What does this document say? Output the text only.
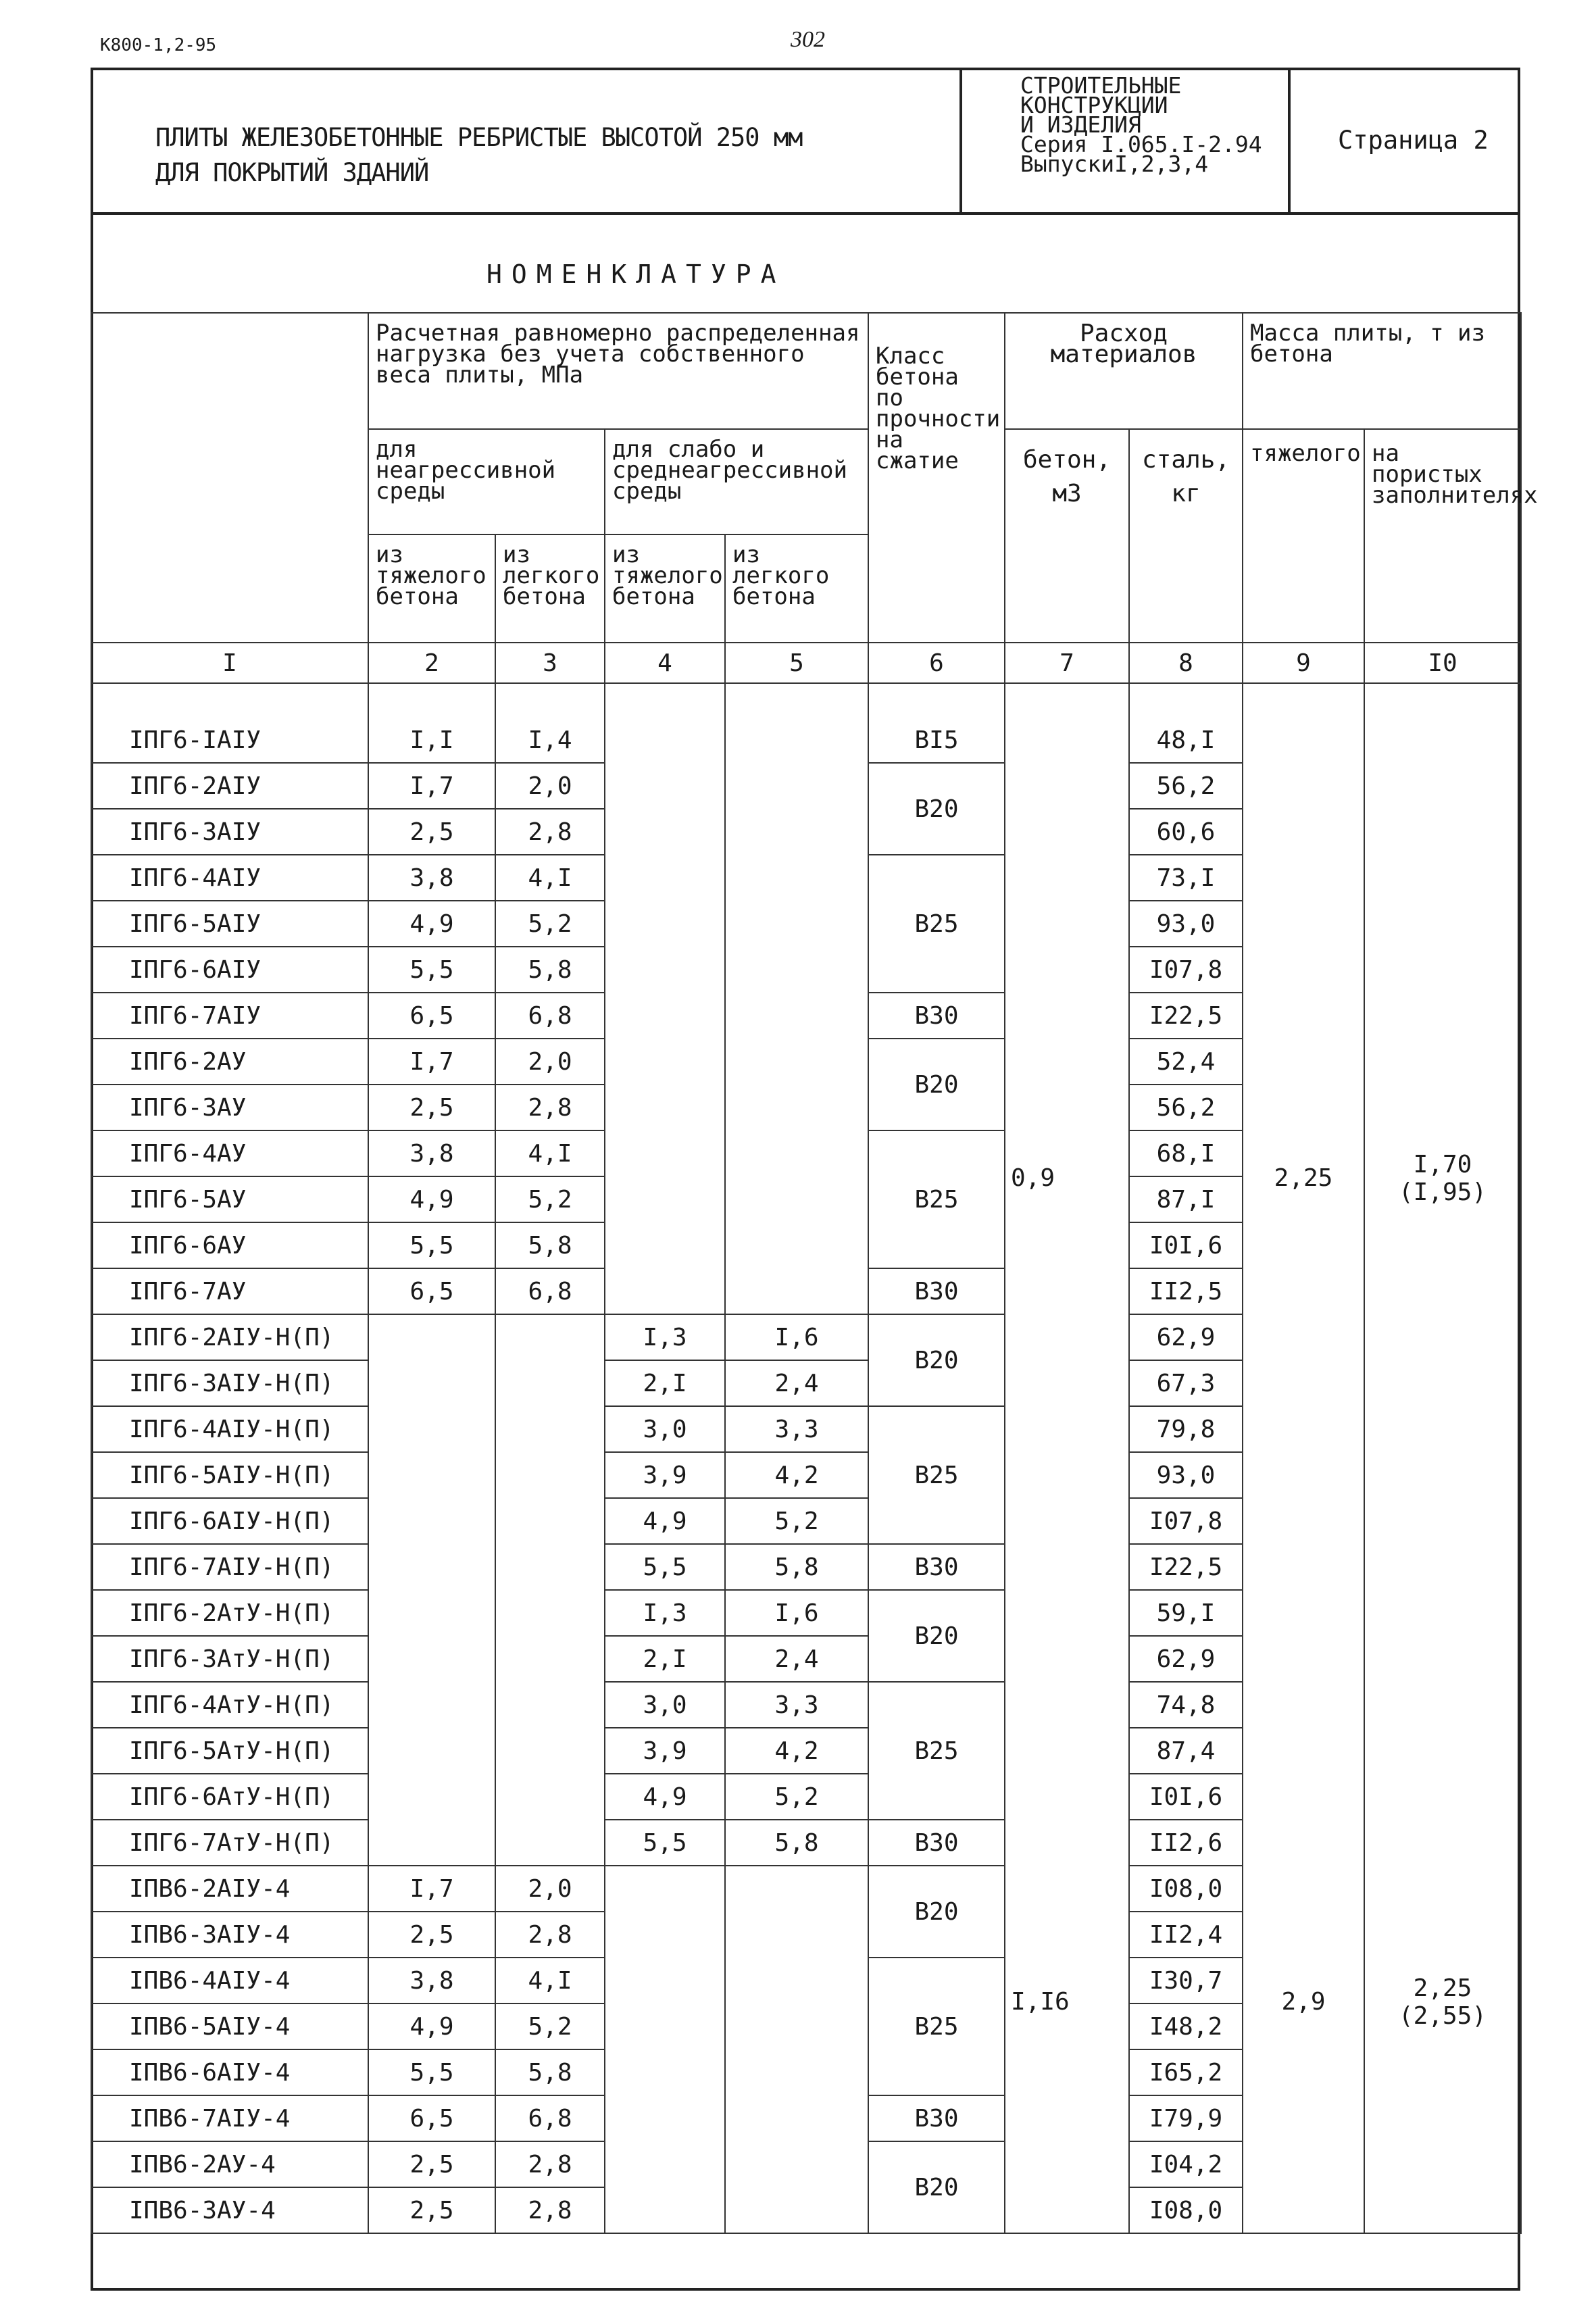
К800-1,2-95	302
ПЛИТЫ ЖЕЛЕЗОБЕТОННЫЕ РЕБРИСТЫЕ ВЫСОТОЙ 250 мм
ДЛЯ ПОКРЫТИЙ ЗДАНИЙ
СТРОИТЕЛЬНЫЕ
КОНСТРУКЦИИ
И ИЗДЕЛИЯ
Серия I.065.I-2.94
ВыпускиI,2,3,4
Страница 2
НОМЕНКЛАТУРА
	Расчетная равномерно распределенная нагрузка без учета собственного веса плиты, МПа				Класс бетона по прочности на сжатие	Расход материалов		Масса плиты, т из бетона	
	для неагрессивной среды		для слабо и среднеагрессивной среды			бетон, м3	сталь, кг	тяжелого	на пористых заполнителях
	из тяжелого бетона	из легкого бетона	из тяжелого бетона	из легкого бетона					
I	2	3	4	5	6	7	8	9	I0

IПГ6-IAIУ	I,I	I,4			BI5	0,9	48,I	2,25	I,70
(I,95)

IПГ6-2AIУ	I,7	2,0			B20		56,2		
IПГ6-3AIУ	2,5	2,8					60,6		
IПГ6-4AIУ	3,8	4,I			B25		73,I		
IПГ6-5AIУ	4,9	5,2					93,0		
IПГ6-6AIУ	5,5	5,8					I07,8		
IПГ6-7AIУ	6,5	6,8			B30		I22,5		
IПГ6-2AУ	I,7	2,0			B20		52,4		
IПГ6-3AУ	2,5	2,8					56,2		
IПГ6-4AУ	3,8	4,I			B25		68,I		
IПГ6-5AУ	4,9	5,2					87,I		
IПГ6-6AУ	5,5	5,8					I0I,6		
IПГ6-7AУ	6,5	6,8			B30		II2,5		
IПГ6-2AIУ-Н(П)			I,3	I,6	B20		62,9		
IПГ6-3AIУ-Н(П)			2,I	2,4			67,3		
IПГ6-4AIУ-Н(П)			3,0	3,3	B25		79,8		
IПГ6-5AIУ-Н(П)			3,9	4,2			93,0		
IПГ6-6AIУ-Н(П)			4,9	5,2			I07,8		
IПГ6-7AIУ-Н(П)			5,5	5,8	B30		I22,5		
IПГ6-2AтУ-Н(П)			I,3	I,6	B20		59,I		
IПГ6-3AтУ-Н(П)			2,I	2,4			62,9		
IПГ6-4AтУ-Н(П)			3,0	3,3	B25		74,8		
IПГ6-5AтУ-Н(П)			3,9	4,2			87,4		
IПГ6-6AтУ-Н(П)			4,9	5,2			I0I,6		
IПГ6-7AтУ-Н(П)			5,5	5,8	B30		II2,6		
IПВ6-2AIУ-4	I,7	2,0			B20	I,I6	I08,0	2,9	2,25
(2,55)

IПВ6-3AIУ-4	2,5	2,8					II2,4		
IПВ6-4AIУ-4	3,8	4,I			B25		I30,7		
IПВ6-5AIУ-4	4,9	5,2					I48,2		
IПВ6-6AIУ-4	5,5	5,8					I65,2		
IПВ6-7AIУ-4	6,5	6,8			B30		I79,9		
IПВ6-2AУ-4	2,5	2,8			B20		I04,2		
IПВ6-3AУ-4	2,5	2,8					I08,0		
